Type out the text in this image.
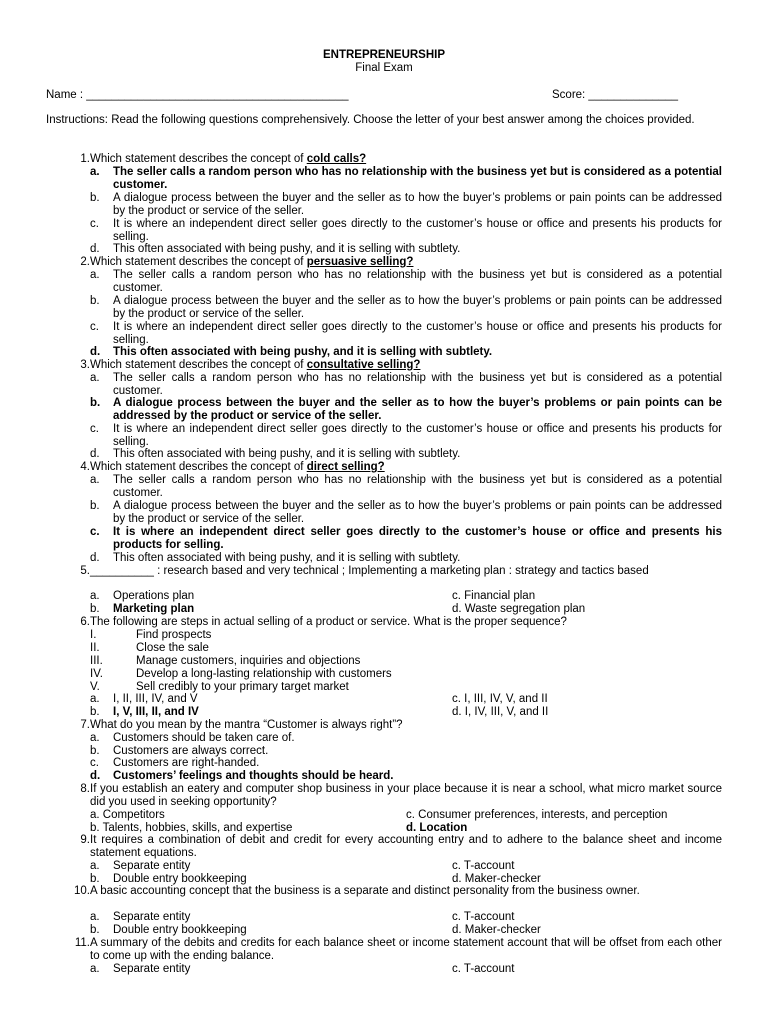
ENTREPRENEURSHIP
Final Exam
Name : _________________________________________	Score: ______________
Instructions: Read the following questions comprehensively. Choose the letter of your best answer among the choices provided.
1. Which statement describes the concept of cold calls?
a.	The seller calls a random person who has no relationship with the business yet but is considered as a potential customer.
b.	A dialogue process between the buyer and the seller as to how the buyer’s problems or pain points can be addressed by the product or service of the seller.
c.	It is where an independent direct seller goes directly to the customer’s house or office and presents his products for selling.
d.	This often associated with being pushy, and it is selling with subtlety.
2. Which statement describes the concept of persuasive selling?
a.	The seller calls a random person who has no relationship with the business yet but is considered as a potential customer.
b.	A dialogue process between the buyer and the seller as to how the buyer’s problems or pain points can be addressed by the product or service of the seller.
c.	It is where an independent direct seller goes directly to the customer’s house or office and presents his products for selling.
d.	This often associated with being pushy, and it is selling with subtlety.
3. Which statement describes the concept of consultative selling?
a.	The seller calls a random person who has no relationship with the business yet but is considered as a potential customer.
b.	A dialogue process between the buyer and the seller as to how the buyer’s problems or pain points can be addressed by the product or service of the seller.
c.	It is where an independent direct seller goes directly to the customer’s house or office and presents his products for selling.
d.	This often associated with being pushy, and it is selling with subtlety.
4. Which statement describes the concept of direct selling?
a.	The seller calls a random person who has no relationship with the business yet but is considered as a potential customer.
b.	A dialogue process between the buyer and the seller as to how the buyer’s problems or pain points can be addressed by the product or service of the seller.
c.	It is where an independent direct seller goes directly to the customer’s house or office and presents his products for selling.
d.	This often associated with being pushy, and it is selling with subtlety.
5. __________ : research based and very technical ; Implementing a marketing plan : strategy and tactics based
a.	Operations plan	c. Financial plan
b.	Marketing plan	d. Waste segregation plan
6. The following are steps in actual selling of a product or service. What is the proper sequence?
I.	Find prospects
II.	Close the sale
III.	Manage customers, inquiries and objections
IV.	Develop a long-lasting relationship with customers
V.	Sell credibly to your primary target market
a.	I, II, III, IV, and V	c. I, III, IV, V, and II
b.	I, V, III, II, and IV	d. I, IV, III, V, and II
7. What do you mean by the mantra “Customer is always right”?
a.	Customers should be taken care of.
b.	Customers are always correct.
c.	Customers are right-handed.
d.	Customers’ feelings and thoughts should be heard.
8. If you establish an eatery and computer shop business in your place because it is near a school, what micro market source did you used in seeking opportunity?
a. Competitors	c. Consumer preferences, interests, and perception
b. Talents, hobbies, skills, and expertise	d. Location
9. It requires a combination of debit and credit for every accounting entry and to adhere to the balance sheet and income statement equations.
a.	Separate entity	c. T-account
b.	Double entry bookkeeping	d. Maker-checker
10. A basic accounting concept that the business is a separate and distinct personality from the business owner.
a.	Separate entity	c. T-account
b.	Double entry bookkeeping	d. Maker-checker
11. A summary of the debits and credits for each balance sheet or income statement account that will be offset from each other to come up with the ending balance.
a.	Separate entity	c. T-account
